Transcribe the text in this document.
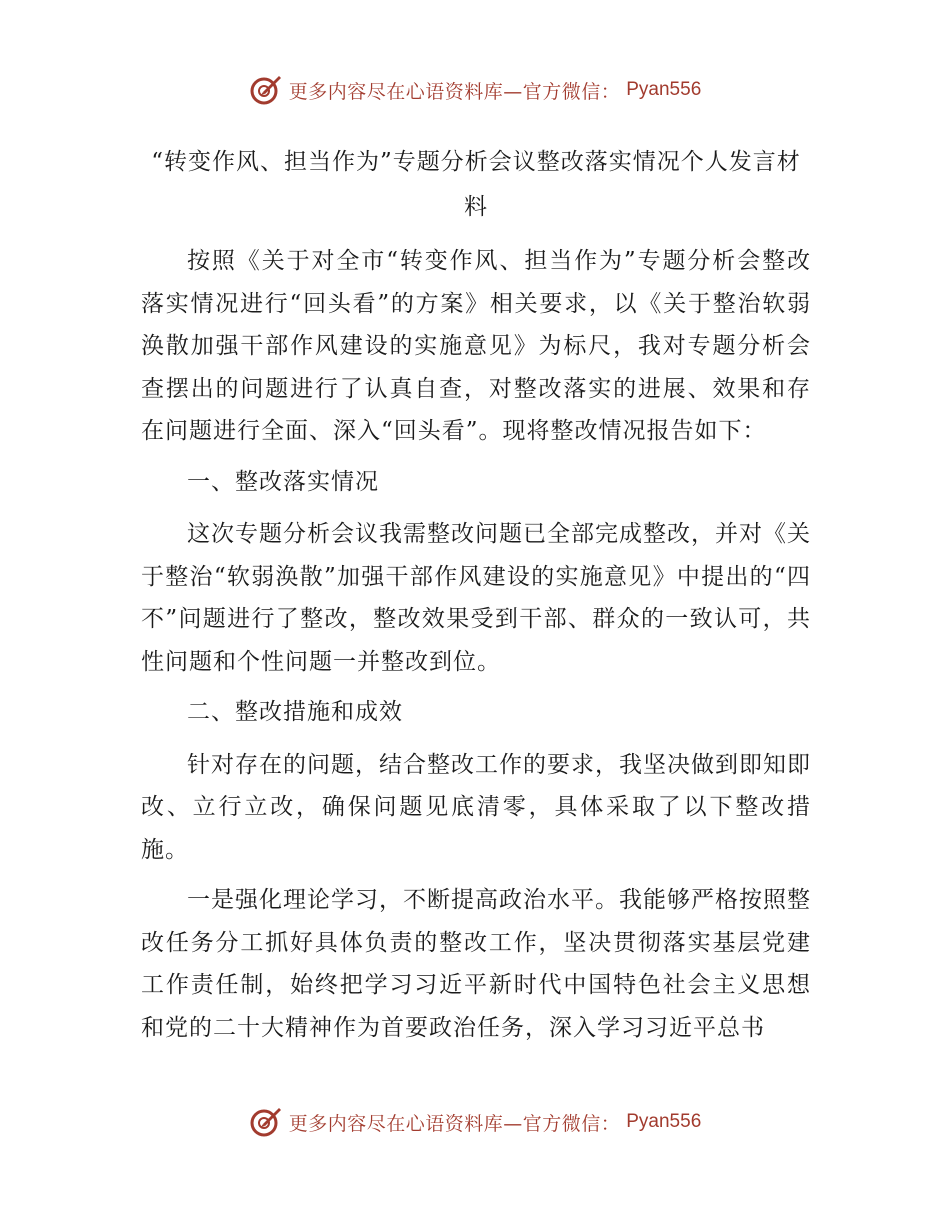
更多内容尽在心语资料库—官方微信： Pyan556
“转变作风、担当作为”专题分析会议整改落实情况个人发言材料

按照《关于对全市“转变作风、担当作为”专题分析会整改落实情况进行“回头看”的方案》相关要求，以《关于整治软弱涣散加强干部作风建设的实施意见》为标尺，我对专题分析会查摆出的问题进行了认真自查，对整改落实的进展、效果和存在问题进行全面、深入“回头看”。现将整改情况报告如下：

一、整改落实情况

这次专题分析会议我需整改问题已全部完成整改，并对《关于整治“软弱涣散”加强干部作风建设的实施意见》中提出的“四不”问题进行了整改，整改效果受到干部、群众的一致认可，共性问题和个性问题一并整改到位。

二、整改措施和成效

针对存在的问题，结合整改工作的要求，我坚决做到即知即改、立行立改，确保问题见底清零，具体采取了以下整改措施。

一是强化理论学习，不断提高政治水平。我能够严格按照整改任务分工抓好具体负责的整改工作，坚决贯彻落实基层党建工作责任制，始终把学习习近平新时代中国特色社会主义思想和党的二十大精神作为首要政治任务，深入学习习近平总书

更多内容尽在心语资料库—官方微信： Pyan556
